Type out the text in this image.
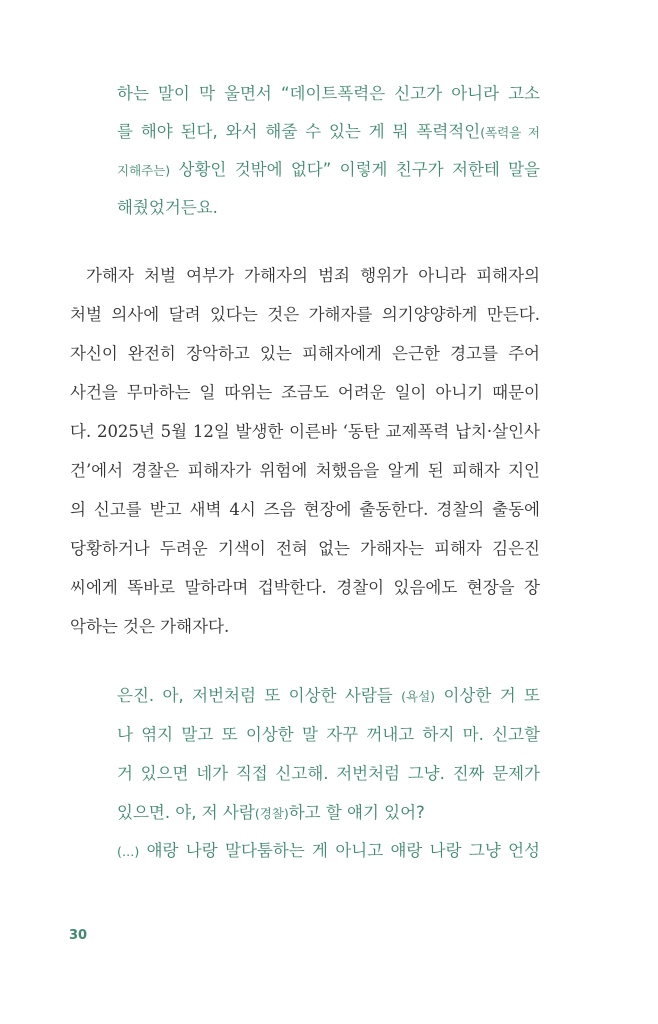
하는 말이 막 울면서 “데이트폭력은 신고가 아니라 고소
를 해야 된다, 와서 해줄 수 있는 게 뭐 폭력적인(폭력을 저
지해주는) 상황인 것밖에 없다” 이렇게 친구가 저한테 말을
해줬었거든요.
가해자 처벌 여부가 가해자의 범죄 행위가 아니라 피해자의
처벌 의사에 달려 있다는 것은 가해자를 의기양양하게 만든다.
자신이 완전히 장악하고 있는 피해자에게 은근한 경고를 주어
사건을 무마하는 일 따위는 조금도 어려운 일이 아니기 때문이
다. 2025년 5월 12일 발생한 이른바 ‘동탄 교제폭력 납치·살인사
건’에서 경찰은 피해자가 위험에 처했음을 알게 된 피해자 지인
의 신고를 받고 새벽 4시 즈음 현장에 출동한다. 경찰의 출동에
당황하거나 두려운 기색이 전혀 없는 가해자는 피해자 김은진
씨에게 똑바로 말하라며 겁박한다. 경찰이 있음에도 현장을 장
악하는 것은 가해자다.
은진. 아, 저번처럼 또 이상한 사람들 (욕설) 이상한 거 또
나 엮지 말고 또 이상한 말 자꾸 꺼내고 하지 마. 신고할
거 있으면 네가 직접 신고해. 저번처럼 그냥. 진짜 문제가
있으면. 야, 저 사람(경찰)하고 할 얘기 있어?
(…) 얘랑 나랑 말다툼하는 게 아니고 얘랑 나랑 그냥 언성
30
